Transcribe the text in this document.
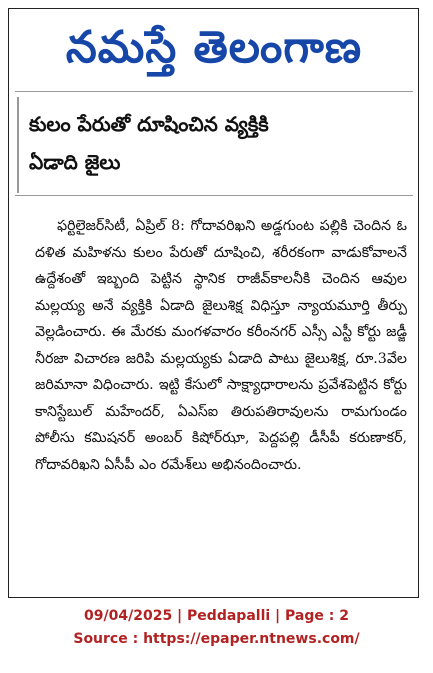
నమస్తే తెలంగాణ
కులం పేరుతో దూషించిన వ్యక్తికి
ఏడాది జైలు
ఫర్టిలైజర్‌సిటీ, ఏప్రిల్ 8: గోదావరిఖని అడ్డగుంట పల్లికి చెందిన ఓ దళిత మహిళను కులం పేరుతో దూషించి, శరీరకంగా వాడుకోవాలనే ఉద్దేశంతో ఇబ్బంది పెట్టిన స్థానిక రాజీవ్‌కాలనీకి చెందిన ఆవుల మల్లయ్య అనే వ్యక్తికి ఏడాది జైలుశిక్ష విధిస్తూ న్యాయమూర్తి తీర్పు వెల్లడించారు. ఈ మేరకు మంగళవారం కరీంనగర్ ఎస్సీ ఎస్టీ కోర్టు జడ్జీ నీరజా విచారణ జరిపి మల్లయ్యకు ఏడాది పాటు జైలుశిక్ష, రూ.3వేల జరిమానా విధించారు. ఇట్టి కేసులో సాక్ష్యాధారాలను ప్రవేశపెట్టిన కోర్టు కానిస్టేబుల్ మహేందర్, ఏఎస్ఐ తిరుపతిరావులను రామగుండం పోలీసు కమిషనర్ అంబర్ కిషోర్‌ఝా, పెద్దపల్లి డీసీపీ కరుణాకర్, గోదావరిఖని ఏసీపీ ఎం రమేశ్‌లు అభినందించారు.
09/04/2025 | Peddapalli | Page : 2
Source : https://epaper.ntnews.com/
